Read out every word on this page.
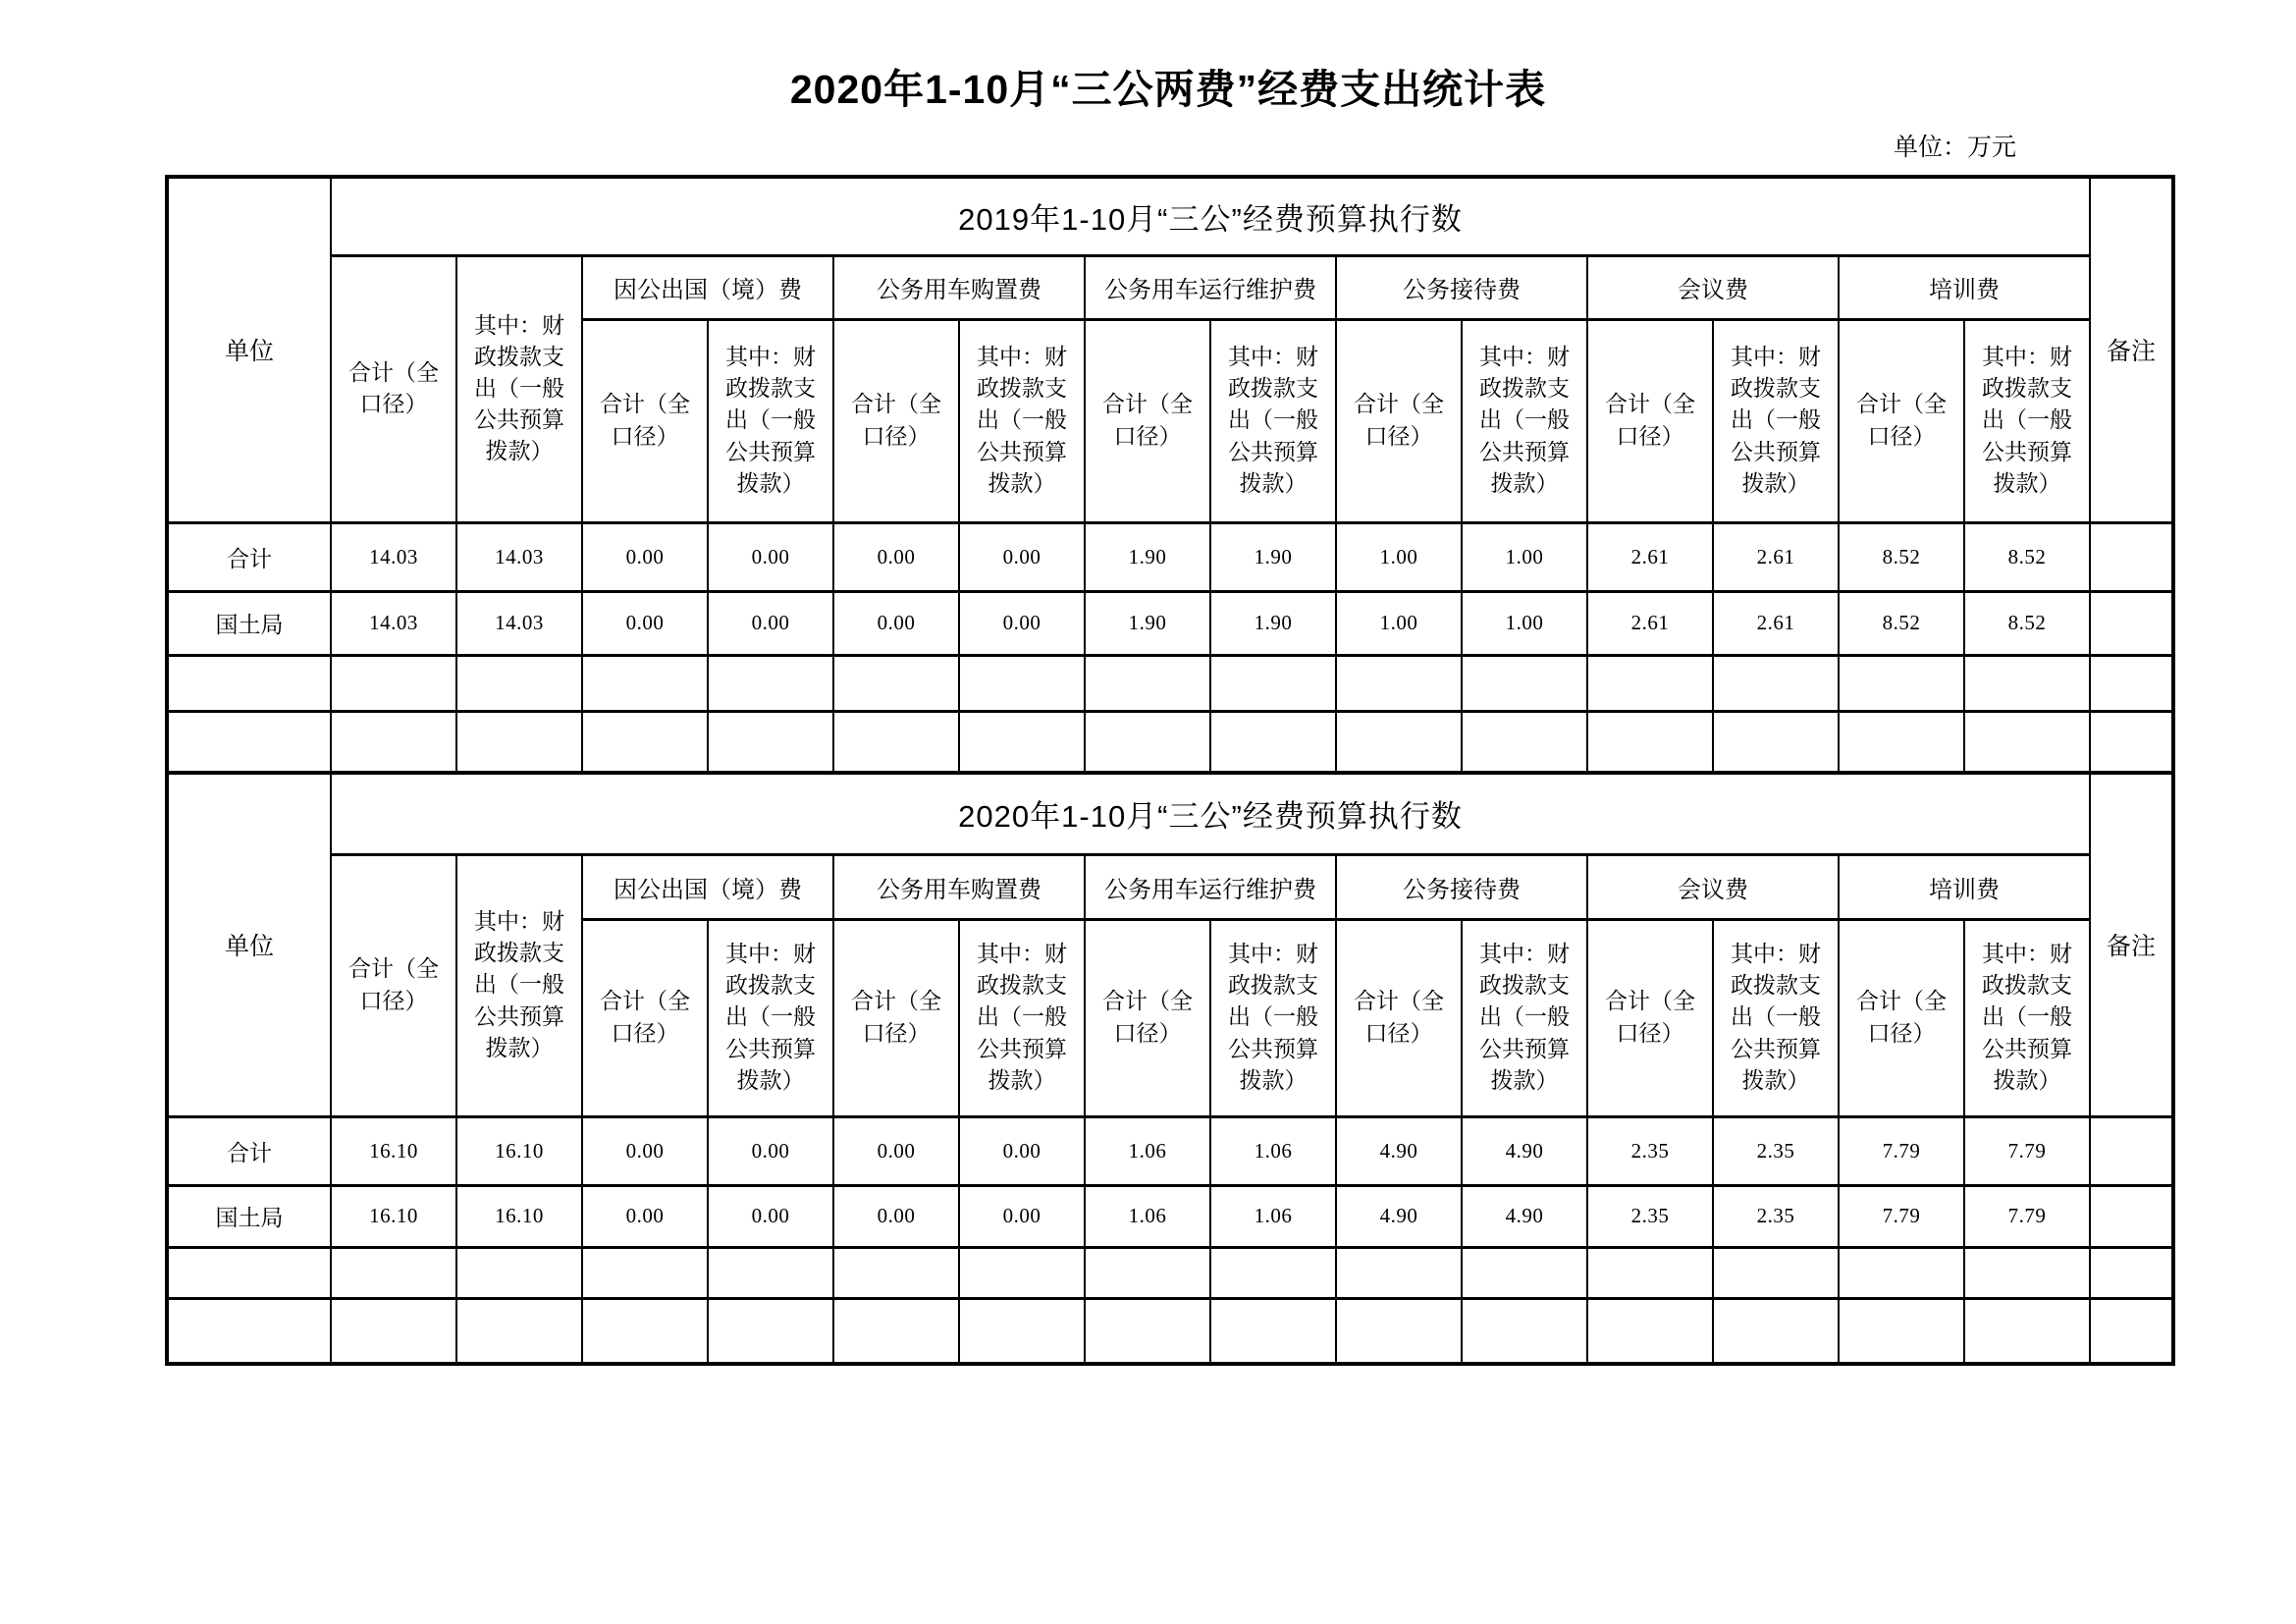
2020年1-10月“三公两费”经费支出统计表
单位：万元
单位	2019年1-10月“三公”经费预算执行数														备注
	合计（全口径）	其中：财政拨款支出（一般公共预算拨款）	因公出国（境）费		公务用车购置费		公务用车运行维护费		公务接待费		会议费		培训费		
			合计（全口径）	其中：财政拨款支出（一般公共预算拨款）	合计（全口径）	其中：财政拨款支出（一般公共预算拨款）	合计（全口径）	其中：财政拨款支出（一般公共预算拨款）	合计（全口径）	其中：财政拨款支出（一般公共预算拨款）	合计（全口径）	其中：财政拨款支出（一般公共预算拨款）	合计（全口径）	其中：财政拨款支出（一般公共预算拨款）	
合计	14.03	14.03	0.00	0.00	0.00	0.00	1.90	1.90	1.00	1.00	2.61	2.61	8.52	8.52	
国土局	14.03	14.03	0.00	0.00	0.00	0.00	1.90	1.90	1.00	1.00	2.61	2.61	8.52	8.52	

单位	2020年1-10月“三公”经费预算执行数														备注
	合计（全口径）	其中：财政拨款支出（一般公共预算拨款）	因公出国（境）费		公务用车购置费		公务用车运行维护费		公务接待费		会议费		培训费		
			合计（全口径）	其中：财政拨款支出（一般公共预算拨款）	合计（全口径）	其中：财政拨款支出（一般公共预算拨款）	合计（全口径）	其中：财政拨款支出（一般公共预算拨款）	合计（全口径）	其中：财政拨款支出（一般公共预算拨款）	合计（全口径）	其中：财政拨款支出（一般公共预算拨款）	合计（全口径）	其中：财政拨款支出（一般公共预算拨款）	
合计	16.10	16.10	0.00	0.00	0.00	0.00	1.06	1.06	4.90	4.90	2.35	2.35	7.79	7.79	
国土局	16.10	16.10	0.00	0.00	0.00	0.00	1.06	1.06	4.90	4.90	2.35	2.35	7.79	7.79	
